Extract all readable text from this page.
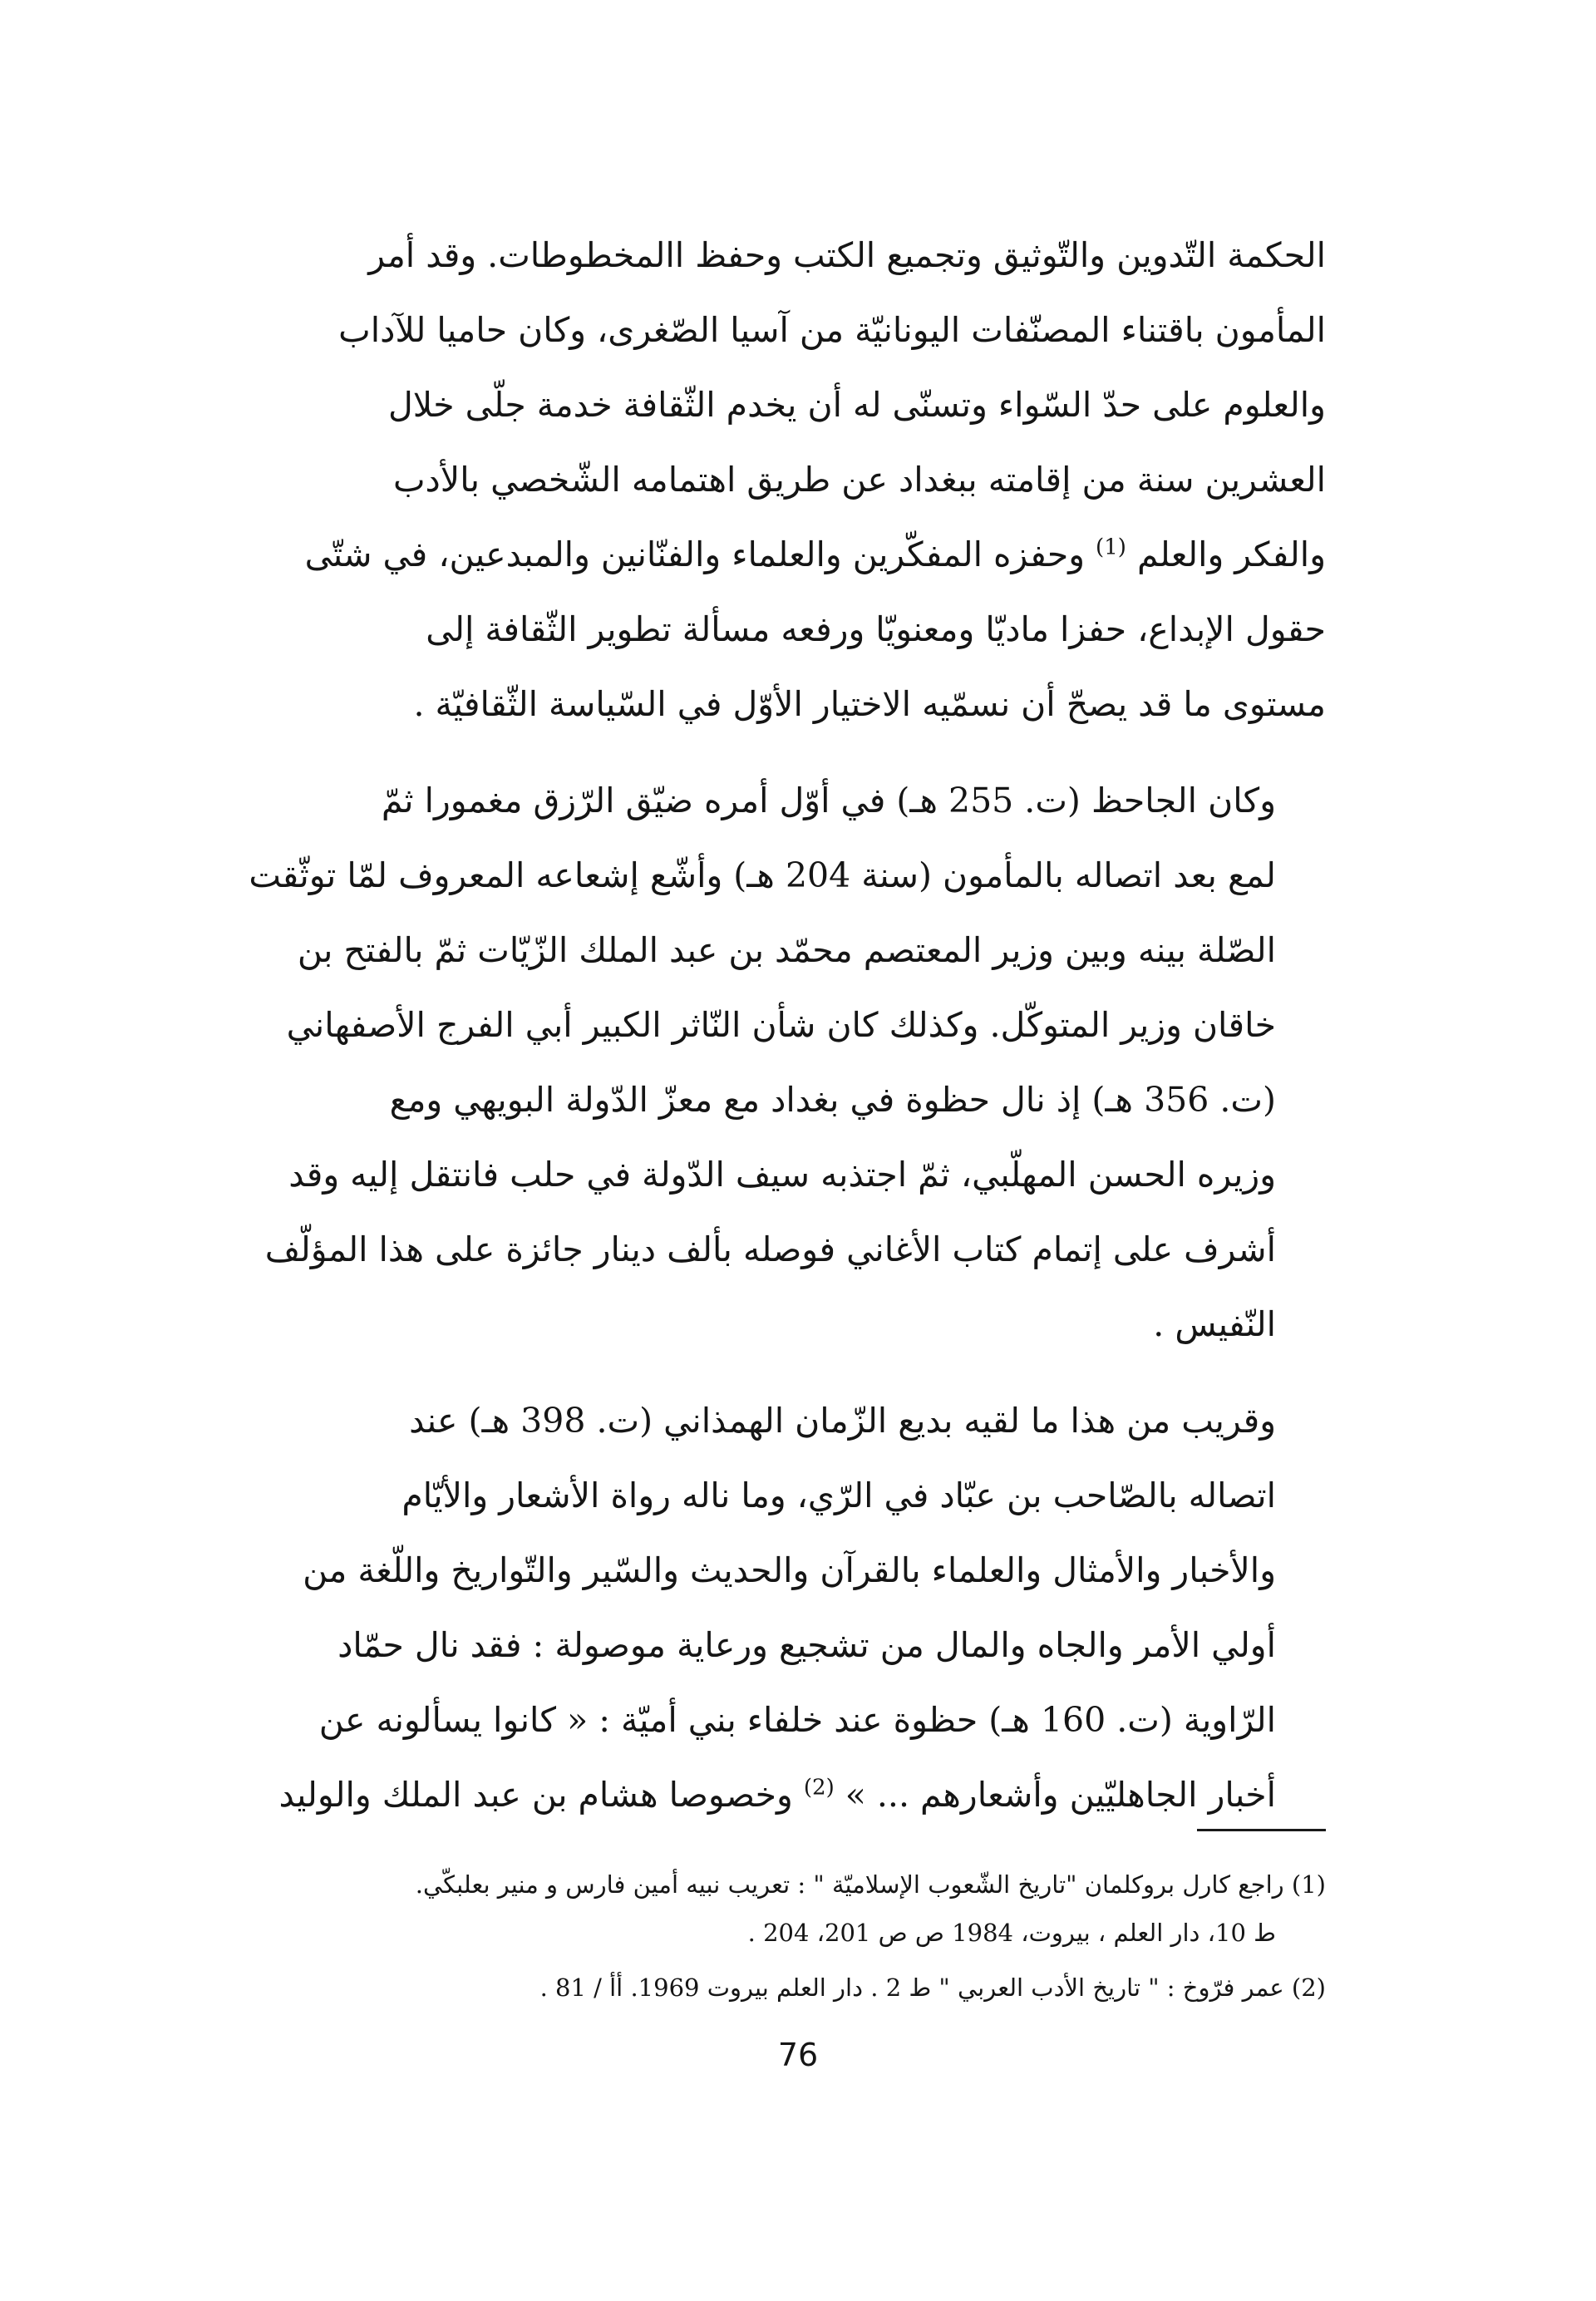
الحكمة التّدوين والتّوثيق وتجميع الكتب وحفظ االمخطوطات. وقد أمر
المأمون باقتناء المصنّفات اليونانيّة من آسيا الصّغرى، وكان حاميا للآداب
والعلوم على حدّ السّواء وتسنّى له أن يخدم الثّقافة خدمة جلّى خلال
العشرين سنة من إقامته ببغداد عن طريق اهتمامه الشّخصي بالأدب
والفكر والعلم $^{(1)}$ وحفزه المفكّرين والعلماء والفنّانين والمبدعين، في شتّى
حقول الإبداع، حفزا ماديّا ومعنويّا ورفعه مسألة تطوير الثّقافة إلى
مستوى ما قد يصحّ أن نسمّيه الاختيار الأوّل في السّياسة الثّقافيّة .

وكان الجاحظ (ت. 255 هـ) في أوّل أمره ضيّق الرّزق مغمورا ثمّ
لمع بعد اتصاله بالمأمون (سنة 204 هـ) وأشّع إشعاعه المعروف لمّا توثّقت
الصّلة بينه وبين وزير المعتصم محمّد بن عبد الملك الزّيّات ثمّ بالفتح بن
خاقان وزير المتوكّل. وكذلك كان شأن النّاثر الكبير أبي الفرج الأصفهاني
(ت. 356 هـ) إذ نال حظوة في بغداد مع معزّ الدّولة البويهي ومع
وزيره الحسن المهلّبي، ثمّ اجتذبه سيف الدّولة في حلب فانتقل إليه وقد
أشرف على إتمام كتاب الأغاني فوصله بألف دينار جائزة على هذا المؤلّف
النّفيس .

وقريب من هذا ما لقيه بديع الزّمان الهمذاني (ت. 398 هـ) عند
اتصاله بالصّاحب بن عبّاد في الرّي، وما ناله رواة الأشعار والأيّام
والأخبار والأمثال والعلماء بالقرآن والحديث والسّير والتّواريخ واللّغة من
أولي الأمر والجاه والمال من تشجيع ورعاية موصولة : فقد نال حمّاد
الرّاوية (ت. 160 هـ) حظوة عند خلفاء بني أميّة : « كانوا يسألونه عن
أخبار الجاهليّين وأشعارهم ... » $^{(2)}$ وخصوصا هشام بن عبد الملك والوليد

(1) راجع كارل بروكلمان "تاريخ الشّعوب الإسلاميّة " : تعريب نبيه أمين فارس و منير بعلبكّي.
ط 10، دار العلم ، بيروت، 1984 ص ص 201، 204 .

(2) عمر فرّوخ : " تاريخ الأدب العربي " ط 2 . دار العلم بيروت 1969. أأ / 81 .

76
